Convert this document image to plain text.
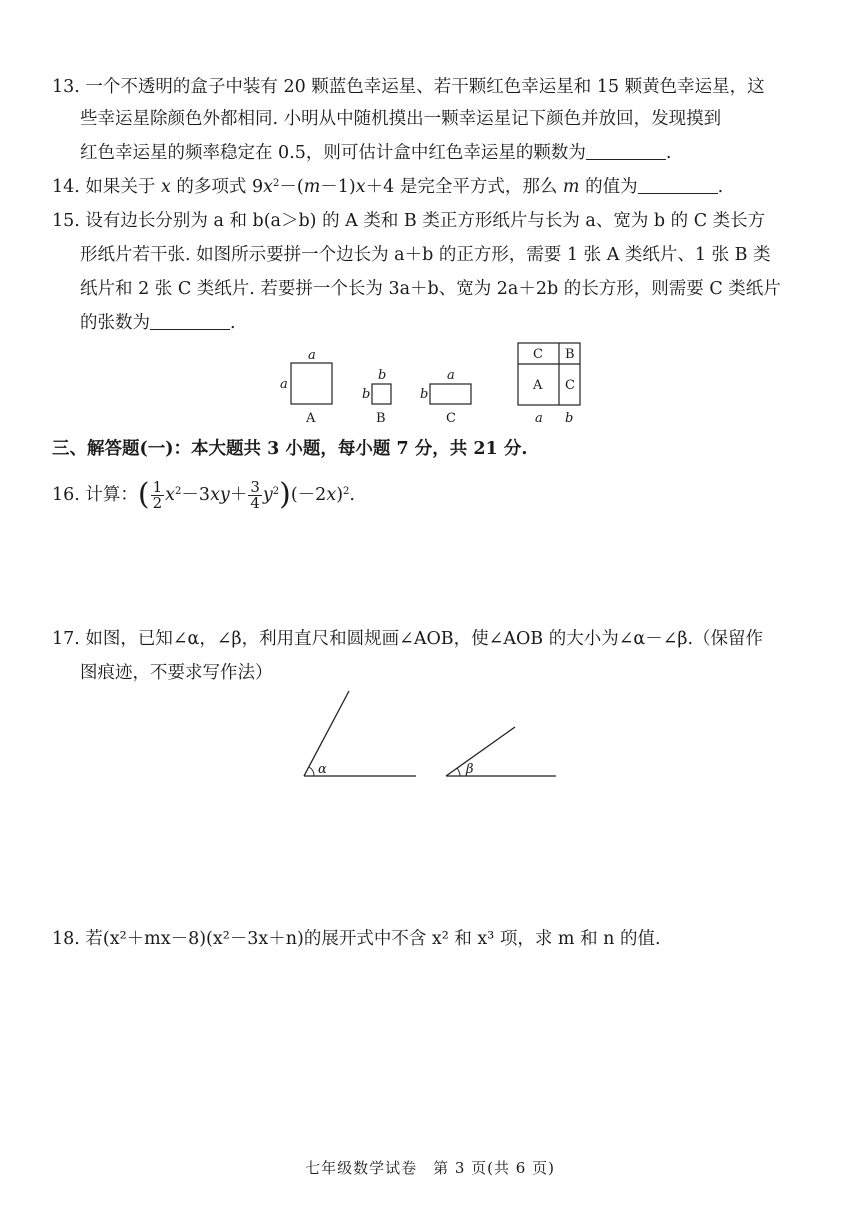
13. 一个不透明的盒子中装有 20 颗蓝色幸运星、若干颗红色幸运星和 15 颗黄色幸运星，这
些幸运星除颜色外都相同. 小明从中随机摸出一颗幸运星记下颜色并放回，发现摸到
红色幸运星的频率稳定在 0.5，则可估计盒中红色幸运星的颗数为	.
14. 如果关于 x 的多项式 $9x^2-(m-1)x+4$ 是完全平方式，那么 m 的值为	.
15. 设有边长分别为 a 和 b(a＞b) 的 A 类和 B 类正方形纸片与长为 a、宽为 b 的 C 类长方
形纸片若干张. 如图所示要拼一个边长为 a＋b 的正方形，需要 1 张 A 类纸片、1 张 B 类
纸片和 2 张 C 类纸片. 若要拼一个长为 3a＋b、宽为 2a＋2b 的长方形，则需要 C 类纸片
的张数为	.
a
a
A
b
b
B
a
b
C
C B
A C
a b
三、解答题(一)：本大题共 3 小题，每小题 7 分，共 21 分.
16. 计算：( $\frac{1}{2} x^2-3xy+ \frac{3}{4} y^2)(-2x)^2$.
17. 如图，已知∠α，∠β，利用直尺和圆规画∠AOB，使∠AOB 的大小为∠α－∠β.（保留作
图痕迹，不要求写作法）
α	β
18. 若(x²＋mx－8)(x²－3x＋n)的展开式中不含 x² 和 x³ 项，求 m 和 n 的值.
七年级数学试卷　第 3 页(共 6 页)
